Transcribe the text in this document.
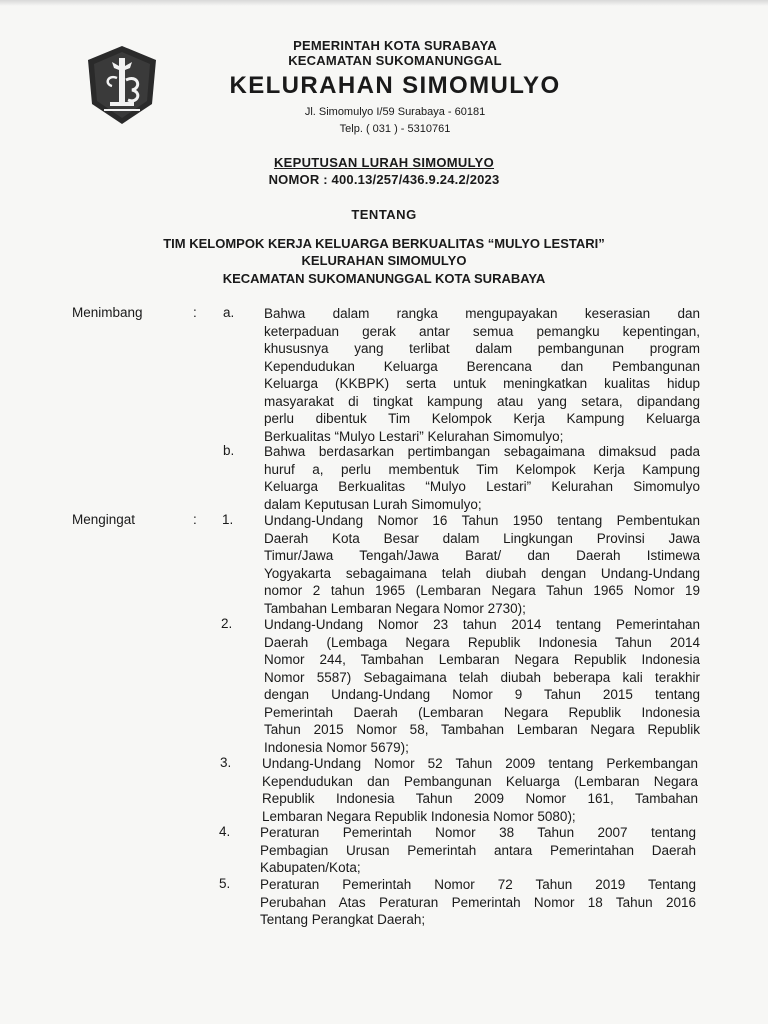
PEMERINTAH KOTA SURABAYA
KECAMATAN SUKOMANUNGGAL
KELURAHAN SIMOMULYO
Jl. Simomulyo I/59 Surabaya - 60181
Telp. ( 031 ) - 5310761
KEPUTUSAN LURAH SIMOMULYO
NOMOR : 400.13/257/436.9.24.2/2023
TENTANG
TIM KELOMPOK KERJA KELUARGA BERKUALITAS “MULYO LESTARI”
KELURAHAN SIMOMULYO
KECAMATAN SUKOMANUNGGAL KOTA SURABAYA
Menimbang	: a. Bahwa dalam rangka mengupayakan keserasian dan
keterpaduan gerak antar semua pemangku kepentingan,
khususnya yang terlibat dalam pembangunan program
Kependudukan Keluarga Berencana dan Pembangunan
Keluarga (KKBPK) serta untuk meningkatkan kualitas hidup
masyarakat di tingkat kampung atau yang setara, dipandang
perlu dibentuk Tim Kelompok Kerja Kampung Keluarga
Berkualitas “Mulyo Lestari” Kelurahan Simomulyo;
b. Bahwa berdasarkan pertimbangan sebagaimana dimaksud pada
huruf a, perlu membentuk Tim Kelompok Kerja Kampung
Keluarga Berkualitas “Mulyo Lestari” Kelurahan Simomulyo
dalam Keputusan Lurah Simomulyo;
Mengingat	: 1. Undang-Undang Nomor 16 Tahun 1950 tentang Pembentukan
Daerah Kota Besar dalam Lingkungan Provinsi Jawa
Timur/Jawa Tengah/Jawa Barat/ dan Daerah Istimewa
Yogyakarta sebagaimana telah diubah dengan Undang-Undang
nomor 2 tahun 1965 (Lembaran Negara Tahun 1965 Nomor 19
Tambahan Lembaran Negara Nomor 2730);
2. Undang-Undang Nomor 23 tahun 2014 tentang Pemerintahan
Daerah (Lembaga Negara Republik Indonesia Tahun 2014
Nomor 244, Tambahan Lembaran Negara Republik Indonesia
Nomor 5587) Sebagaimana telah diubah beberapa kali terakhir
dengan Undang-Undang Nomor 9 Tahun 2015 tentang
Pemerintah Daerah (Lembaran Negara Republik Indonesia
Tahun 2015 Nomor 58, Tambahan Lembaran Negara Republik
Indonesia Nomor 5679);
3. Undang-Undang Nomor 52 Tahun 2009 tentang Perkembangan
Kependudukan dan Pembangunan Keluarga (Lembaran Negara
Republik Indonesia Tahun 2009 Nomor 161, Tambahan
Lembaran Negara Republik Indonesia Nomor 5080);
4. Peraturan Pemerintah Nomor 38 Tahun 2007 tentang
Pembagian Urusan Pemerintah antara Pemerintahan Daerah
Kabupaten/Kota;
5. Peraturan Pemerintah Nomor 72 Tahun 2019 Tentang
Perubahan Atas Peraturan Pemerintah Nomor 18 Tahun 2016
Tentang Perangkat Daerah;
